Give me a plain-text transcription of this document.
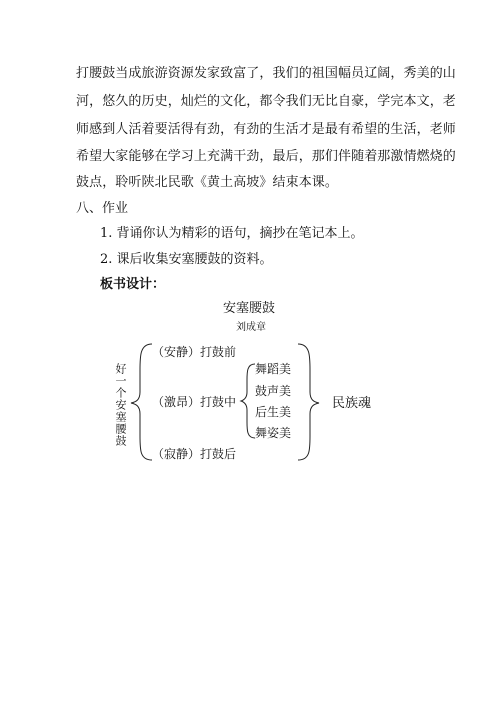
打腰鼓当成旅游资源发家致富了，我们的祖国幅员辽阔，秀美的山
河，悠久的历史，灿烂的文化，都令我们无比自豪，学完本文，老
师感到人活着要活得有劲，有劲的生活才是最有希望的生活，老师
希望大家能够在学习上充满干劲，最后，那们伴随着那激情燃烧的
鼓点，聆听陕北民歌《黄土高坡》结束本课。
八、作业
1. 背诵你认为精彩的语句，摘抄在笔记本上。
2. 课后收集安塞腰鼓的资料。
板书设计：
安塞腰鼓
刘成章
好一个安塞腰鼓
（安静）打鼓前
（激昂）打鼓中
（寂静）打鼓后
舞蹈美
鼓声美
后生美
舞姿美
民族魂
